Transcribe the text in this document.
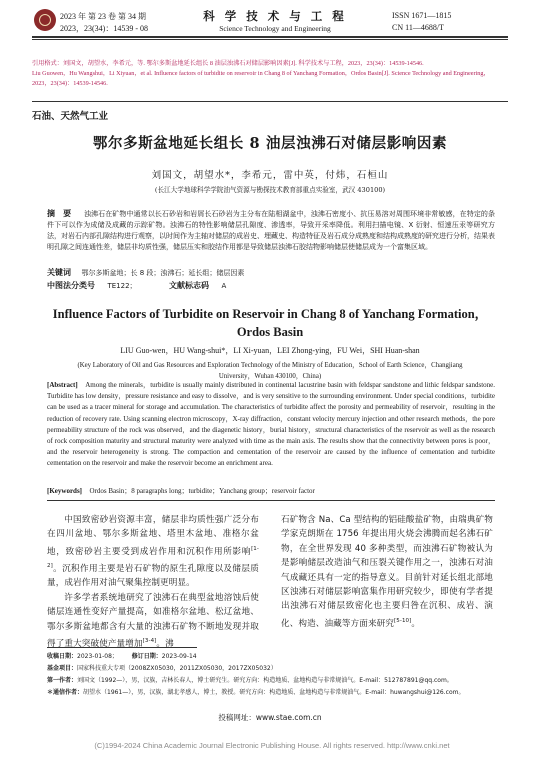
2023 年 第 23 卷 第 34 期
2023，23(34)：14539 - 08
科 学 技 术 与 工 程
Science Technology and Engineering
ISSN 1671—1815
CN 11—4688/T
引用格式：刘国文，胡望水，李希元，等. 鄂尔多斯盆地延长组长 8 油层浊沸石对储层影响因素[J]. 科学技术与工程，2023，23(34)：14539-14546.
Liu Guowen，Hu Wangshui，Li Xiyuan，et al. Influence factors of turbidite on reservoir in Chang 8 of Yanchang Formation，Ordos Basin[J]. Science Technology and Engineering，2023，23(34)：14539-14546.
石油、天然气工业
鄂尔多斯盆地延长组长 8 油层浊沸石对储层影响因素
刘国文，胡望水*，李希元，雷中英，付炜，石桓山
(长江大学地球科学学院油气资源与勘探技术教育部重点实验室，武汉 430100)
摘　要 浊沸石在矿物中通常以长石砂岩和岩屑长石砂岩为主分布在陆相湖盆中，浊沸石密度小、抗压易溶对周围环境非常敏感，在特定的条件下可以作为成储及成藏的示踪矿物。浊沸石的特性影响储层孔隙度、渗透率，导致开采率降低。利用扫描电镜、X 衍射、恒速压汞等研究方法，对岩石内部孔隙结构进行观察，以时间作为主轴对储层的成岩史、埋藏史、构造特征及岩石成分成熟度和结构成熟度的研究进行分析，结果表明孔隙之间连通性差，储层非均质性强，储层压实和胶结作用都是导致储层浊沸石胶结物影响储层使储层成为一个富集区域。
关键词 鄂尔多斯盆地；长 8 段；浊沸石；延长组；储层因素
中图法分类号 TE122；	文献标志码 A
Influence Factors of Turbidite on Reservoir in Chang 8 of Yanchang Formation，Ordos Basin
LIU Guo-wen，HU Wang-shui*，LI Xi-yuan，LEI Zhong-ying，FU Wei，SHI Huan-shan
(Key Laboratory of Oil and Gas Resources and Exploration Technology of the Ministry of Education，School of Earth Science，Changjiang University，Wuhan 430100，China)
[Abstract] Among the minerals，turbidite is usually mainly distributed in continental lacustrine basin with feldspar sandstone and lithic feldspar sandstone. Turbidite has low density，pressure resistance and easy to dissolve，and is very sensitive to the surrounding environment. Under special conditions，turbidite can be used as a tracer mineral for storage and accumulation. The characteristics of turbidite affect the porosity and permeability of reservoir，resulting in the reduction of recovery rate. Using scanning electron microscopy，X-ray diffraction，constant velocity mercury injection and other research methods，the pore permeability structure of the rock was observed，and the diagenetic history，burial history，structural characteristics of the reservoir as well as the research of rock composition maturity and structural maturity were analyzed with time as the main axis. The results show that the connectivity between pores is poor，and the reservoir heterogeneity is strong. The compaction and cementation of the reservoir are caused by the influence of cementation and turbidite cementation on the reservoir and make the reservoir become an enrichment area.
[Keywords] Ordos Basin；8 paragraphs long；turbidite；Yanchang group；reservoir factor

中国致密砂岩资源丰富，储层非均质性强广泛分布在四川盆地、鄂尔多斯盆地、塔里木盆地、准格尔盆地，致密砂岩主要受到成岩作用和沉积作用所影响[1-2]。沉积作用主要是岩石矿物的原生孔隙度以及储层质量，成岩作用对油气聚集控制更明显。

许多学者系统地研究了浊沸石在典型盆地溶蚀后使储层连通性变好产量提高，如准格尔盆地、松辽盆地、鄂尔多斯盆地都含有大量的浊沸石矿物不断地发现并取得了重大突破使产量增加[3-4]。沸

石矿物含 Na、Ca 型结构的铝硅酸盐矿物，由瑞典矿物学家克朗斯在 1756 年提出用火烧会沸腾而起名沸石矿物，在全世界发现 40 多种类型，而浊沸石矿物被认为是影响储层改造油气和压裂关键作用之一，浊沸石对油气成藏还具有一定的指导意义。目前针对延长组北部地区浊沸石对储层影响富集作用研究较少，即使有学者提出浊沸石对储层致密化也主要归咎在沉积、成岩、演化、构造、油藏等方面来研究[5-10]。

收稿日期：2023-01-08； 修订日期：2023-09-14
基金项目：国家科技重大专项（2008ZX05030，2011ZX05030，2017ZX05032）
第一作者：刘国文（1992—），男，汉族，吉林长春人，博士研究生。研究方向：构造地质、盆地构造与非常规油气。E-mail：512787891@qq.com。
＊通信作者：胡望水（1961—），男，汉族，湖北孝感人，博士，教授。研究方向：构造地质、盆地构造与非常规油气。E-mail：huwangshui@126.com。
投稿网址：www.stae.com.cn
(C)1994-2024 China Academic Journal Electronic Publishing House. All rights reserved. http://www.cnki.net
